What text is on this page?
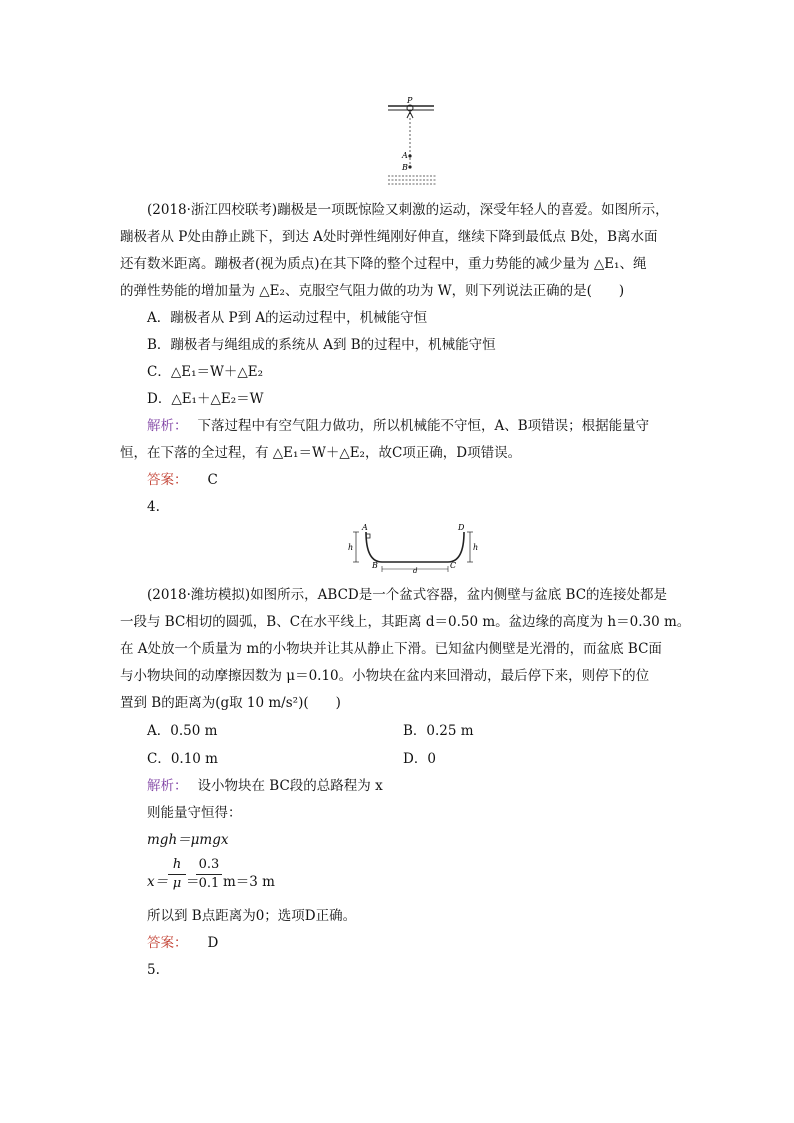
P
A
B
(2018·浙江四校联考)蹦极是一项既惊险又刺激的运动，深受年轻人的喜爱。如图所示，
蹦极者从 P处由静止跳下，到达 A处时弹性绳刚好伸直，继续下降到最低点 B处，B离水面
还有数米距离。蹦极者(视为质点)在其下降的整个过程中，重力势能的减少量为 △E₁、绳
的弹性势能的增加量为 △E₂、克服空气阻力做的功为 W，则下列说法正确的是(　　)
A．蹦极者从 P到 A的运动过程中，机械能守恒
B．蹦极者与绳组成的系统从 A到 B的过程中，机械能守恒
C．△E₁＝W＋△E₂
D．△E₁＋△E₂＝W
解析： 下落过程中有空气阻力做功，所以机械能不守恒，A、B项错误；根据能量守
恒，在下落的全过程，有 △E₁＝W＋△E₂，故C项正确，D项错误。
答案： C
4.
A	D
B	C
h	h
d
(2018·潍坊模拟)如图所示，ABCD是一个盆式容器，盆内侧壁与盆底 BC的连接处都是
一段与 BC相切的圆弧，B、C在水平线上，其距离 d＝0.50 m。盆边缘的高度为 h＝0.30 m。
在 A处放一个质量为 m的小物块并让其从静止下滑。已知盆内侧壁是光滑的，而盆底 BC面
与小物块间的动摩擦因数为 μ＝0.10。小物块在盆内来回滑动，最后停下来，则停下的位
置到 B的距离为(g取 10 m/s²)(　　)
A．0.50 m	B．0.25 m
C．0.10 m	D．0
解析： 设小物块在 BC段的总路程为 x
则能量守恒得：
mgh＝μmgx
x＝
h
μ ＝
0.3
0.1 m＝3 m
所以到 B点距离为0；选项D正确。
答案： D
5.
